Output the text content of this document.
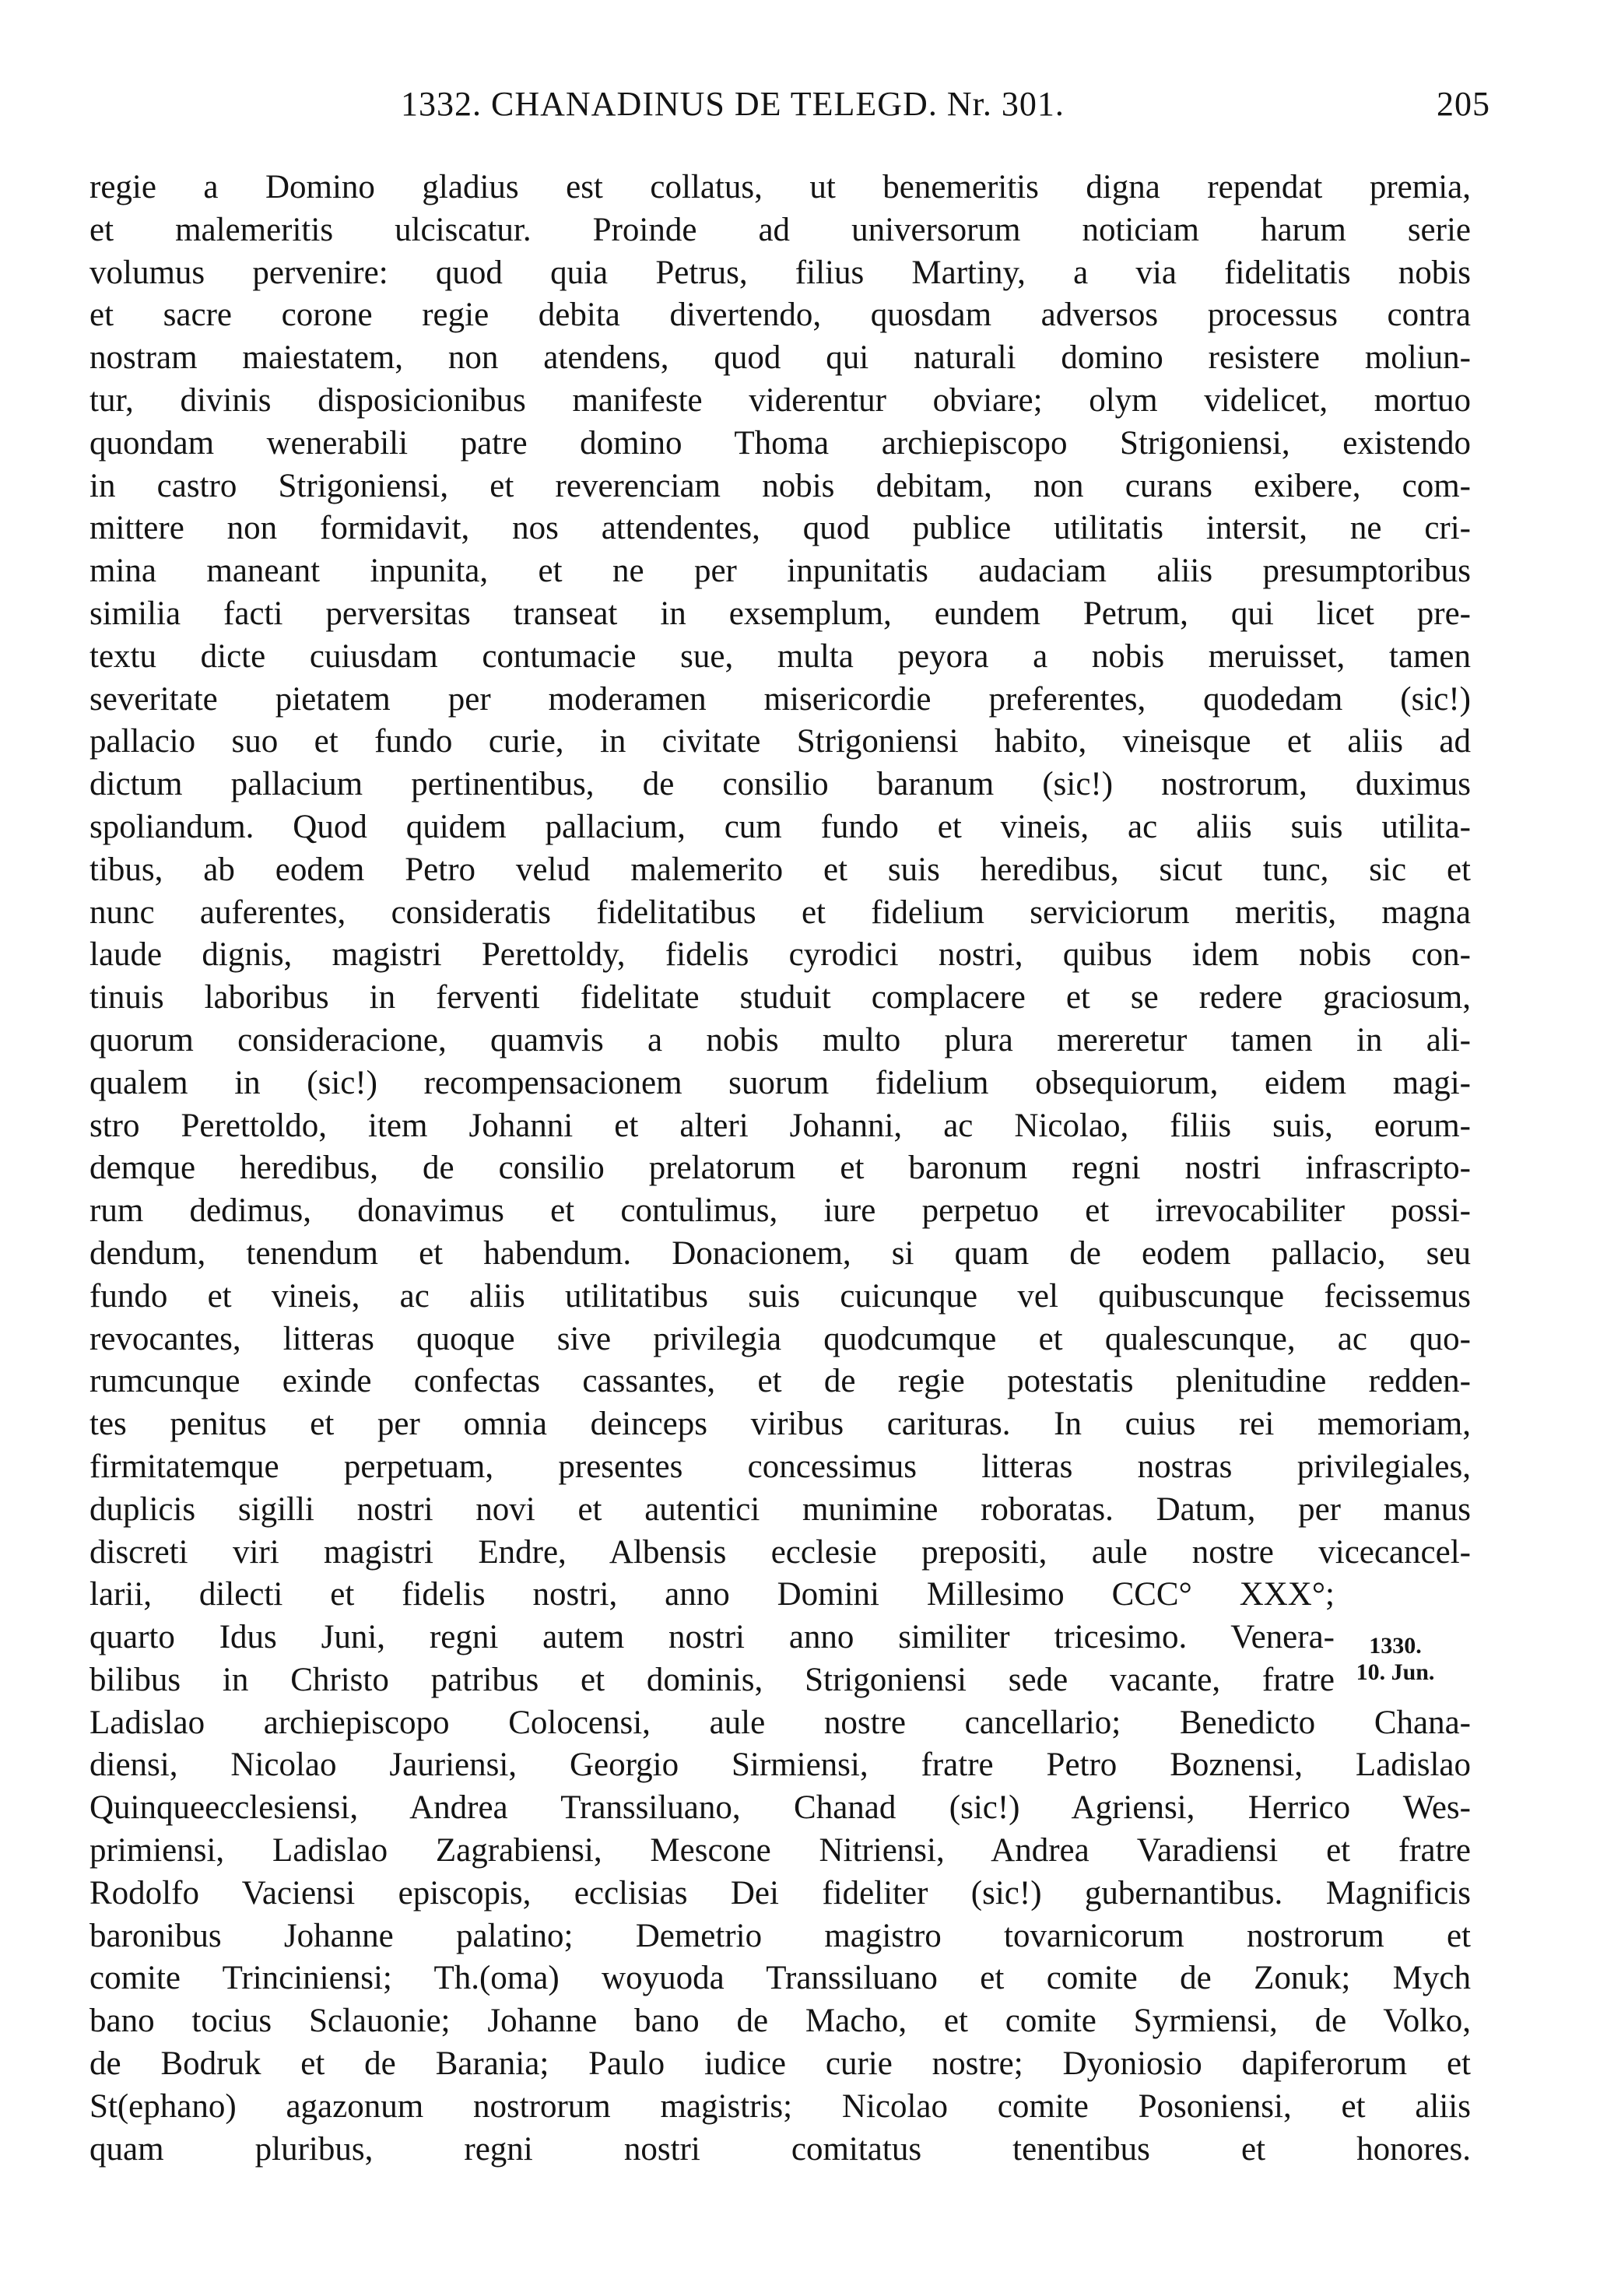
1332. CHANADINUS DE TELEGD. Nr. 301.	205
regie a Domino gladius est collatus, ut benemeritis digna rependat premia,
et malemeritis ulciscatur. Proinde ad universorum noticiam harum serie
volumus pervenire: quod quia Petrus, filius Martiny, a via fidelitatis nobis
et sacre corone regie debita divertendo, quosdam adversos processus contra
nostram maiestatem, non atendens, quod qui naturali domino resistere moliun-
tur, divinis disposicionibus manifeste viderentur obviare; olym videlicet, mortuo
quondam wenerabili patre domino Thoma archiepiscopo Strigoniensi, existendo
in castro Strigoniensi, et reverenciam nobis debitam, non curans exibere, com-
mittere non formidavit, nos attendentes, quod publice utilitatis intersit, ne cri-
mina maneant inpunita, et ne per inpunitatis audaciam aliis presumptoribus
similia facti perversitas transeat in exsemplum, eundem Petrum, qui licet pre-
textu dicte cuiusdam contumacie sue, multa peyora a nobis meruisset, tamen
severitate pietatem per moderamen misericordie preferentes, quodedam (sic!)
pallacio suo et fundo curie, in civitate Strigoniensi habito, vineisque et aliis ad
dictum pallacium pertinentibus, de consilio baranum (sic!) nostrorum, duximus
spoliandum. Quod quidem pallacium, cum fundo et vineis, ac aliis suis utilita-
tibus, ab eodem Petro velud malemerito et suis heredibus, sicut tunc, sic et
nunc auferentes, consideratis fidelitatibus et fidelium serviciorum meritis, magna
laude dignis, magistri Perettoldy, fidelis cyrodici nostri, quibus idem nobis con-
tinuis laboribus in ferventi fidelitate studuit complacere et se redere graciosum,
quorum consideracione, quamvis a nobis multo plura mereretur tamen in ali-
qualem in (sic!) recompensacionem suorum fidelium obsequiorum, eidem magi-
stro Perettoldo, item Johanni et alteri Johanni, ac Nicolao, filiis suis, eorum-
demque heredibus, de consilio prelatorum et baronum regni nostri infrascripto-
rum dedimus, donavimus et contulimus, iure perpetuo et irrevocabiliter possi-
dendum, tenendum et habendum. Donacionem, si quam de eodem pallacio, seu
fundo et vineis, ac aliis utilitatibus suis cuicunque vel quibuscunque fecissemus
revocantes, litteras quoque sive privilegia quodcumque et qualescunque, ac quo-
rumcunque exinde confectas cassantes, et de regie potestatis plenitudine redden-
tes penitus et per omnia deinceps viribus carituras. In cuius rei memoriam,
firmitatemque perpetuam, presentes concessimus litteras nostras privilegiales,
duplicis sigilli nostri novi et autentici munimine roboratas. Datum, per manus
discreti viri magistri Endre, Albensis ecclesie prepositi, aule nostre vicecancel-
larii, dilecti et fidelis nostri, anno Domini Millesimo CCC° XXX°;
quarto Idus Juni, regni autem nostri anno similiter tricesimo. Venera-
bilibus in Christo patribus et dominis, Strigoniensi sede vacante, fratre
Ladislao archiepiscopo Colocensi, aule nostre cancellario; Benedicto Chana-
diensi, Nicolao Jauriensi, Georgio Sirmiensi, fratre Petro Boznensi, Ladislao
Quinqueecclesiensi, Andrea Transsiluano, Chanad (sic!) Agriensi, Herrico Wes-
primiensi, Ladislao Zagrabiensi, Mescone Nitriensi, Andrea Varadiensi et fratre
Rodolfo Vaciensi episcopis, ecclisias Dei fideliter (sic!) gubernantibus. Magnificis
baronibus Johanne palatino; Demetrio magistro tovarnicorum nostrorum et
comite Trinciniensi; Th.(oma) woyuoda Transsiluano et comite de Zonuk; Mych
bano tocius Sclauonie; Johanne bano de Macho, et comite Syrmiensi, de Volko,
de Bodruk et de Barania; Paulo iudice curie nostre; Dyoniosio dapiferorum et
St(ephano) agazonum nostrorum magistris; Nicolao comite Posoniensi, et aliis
quam pluribus, regni nostri comitatus tenentibus et honores.
1330.
10. Jun.
